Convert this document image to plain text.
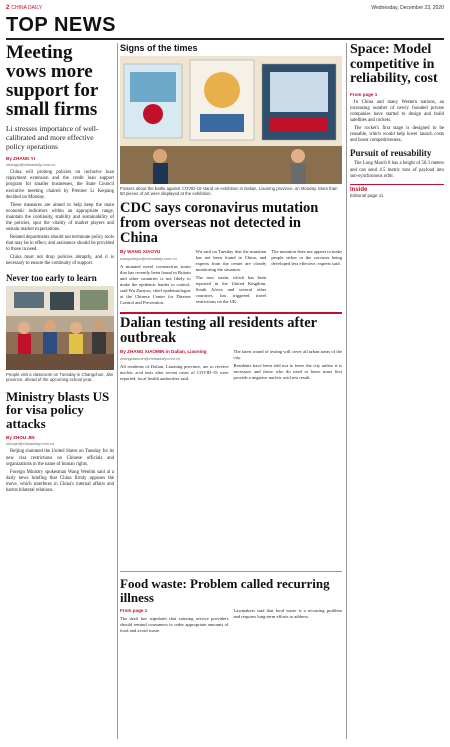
2 CHINA DAILY	Wednesday, December 23, 2020
TOP NEWS
Meeting vows more support for small firms
Li stresses importance of well-calibrated and more effective policy operations
By ZHANG YI
zhangyi@chinadaily.com.cn

China will prolong policies on inclusive loan repayment extension and the credit loan support program for smaller businesses, the State Council executive meeting chaired by Premier Li Keqiang decided on Monday.

These measures are aimed to help keep the main economic indicators within an appropriate range, maintain the continuity, stability and sustainability of the policies, spur the vitality of market players and sustain market expectations.

Related departments should not terminate policy tools that may be in effect, and assistance should be provided to those in need.

China must not drop policies abruptly, and it is necessary to ensure the continuity of support.

Never too early to learn
People visit a classroom on Tuesday in Changchun, Jilin province, ahead of the upcoming school year.
Ministry blasts US for visa policy attacks
By ZHOU JIN
zhoujin@chinadaily.com.cn

Beijing slammed the United States on Tuesday for its new visa restrictions on Chinese officials and organizations in the name of human rights.

Foreign Ministry spokesman Wang Wenbin said at a daily news briefing that China firmly opposes the move, which interferes in China's internal affairs and harms bilateral relations.

Signs of the times
Posters about the battle against COVID-19 stand on exhibition in Dalian, Liaoning province, on Monday. More than 50 pieces of art were displayed at the exhibition.
CDC says coronavirus mutation from overseas not detected in China
By WANG XIAOYU
wangxiaoyu@chinadaily.com.cn

A mutated novel coronavirus strain that has recently been found in Britain and other countries is not likely to make the epidemic harder to control, said Wu Zunyou, chief epidemiologist at the Chinese Center for Disease Control and Prevention.

Wu said on Tuesday that the mutation has not been found in China, and experts from the center are closely monitoring the situation.

The new strain, which has been reported in the United Kingdom, South Africa and several other countries, has triggered travel restrictions on the UK.

The mutation does not appear to make people sicker or the vaccines being developed less effective, experts said.

Dalian testing all residents after outbreak
By ZHANG XIAOMIN in Dalian, Liaoning
zhangxiaomin@chinadaily.com.cn

All residents of Dalian, Liaoning province, are to receive nucleic acid tests after recent cases of COVID-19 were reported, local health authorities said.

The latest round of testing will cover all urban areas of the city.

Residents have been told not to leave the city unless it is necessary and those who do need to leave must first provide a negative nucleic acid test result.

Food waste: Problem called recurring illness
From page 1

The draft law stipulates that catering service providers should remind consumers to order appropriate amounts of food and avoid waste.

Lawmakers said that food waste is a recurring problem and requires long-term efforts to address.

Space: Model competitive in reliability, cost
From page 1

In China and many Western nations, an increasing number of newly founded private companies have started to design and build satellites and rockets.

The rocket's first stage is designed to be reusable, which would help lower launch costs and boost competitiveness.

Pursuit of reusability

The Long March 8 has a height of 50.3 meters and can send 4.5 metric tons of payload into sun-synchronous orbit.

Inside
Editorial page 11
